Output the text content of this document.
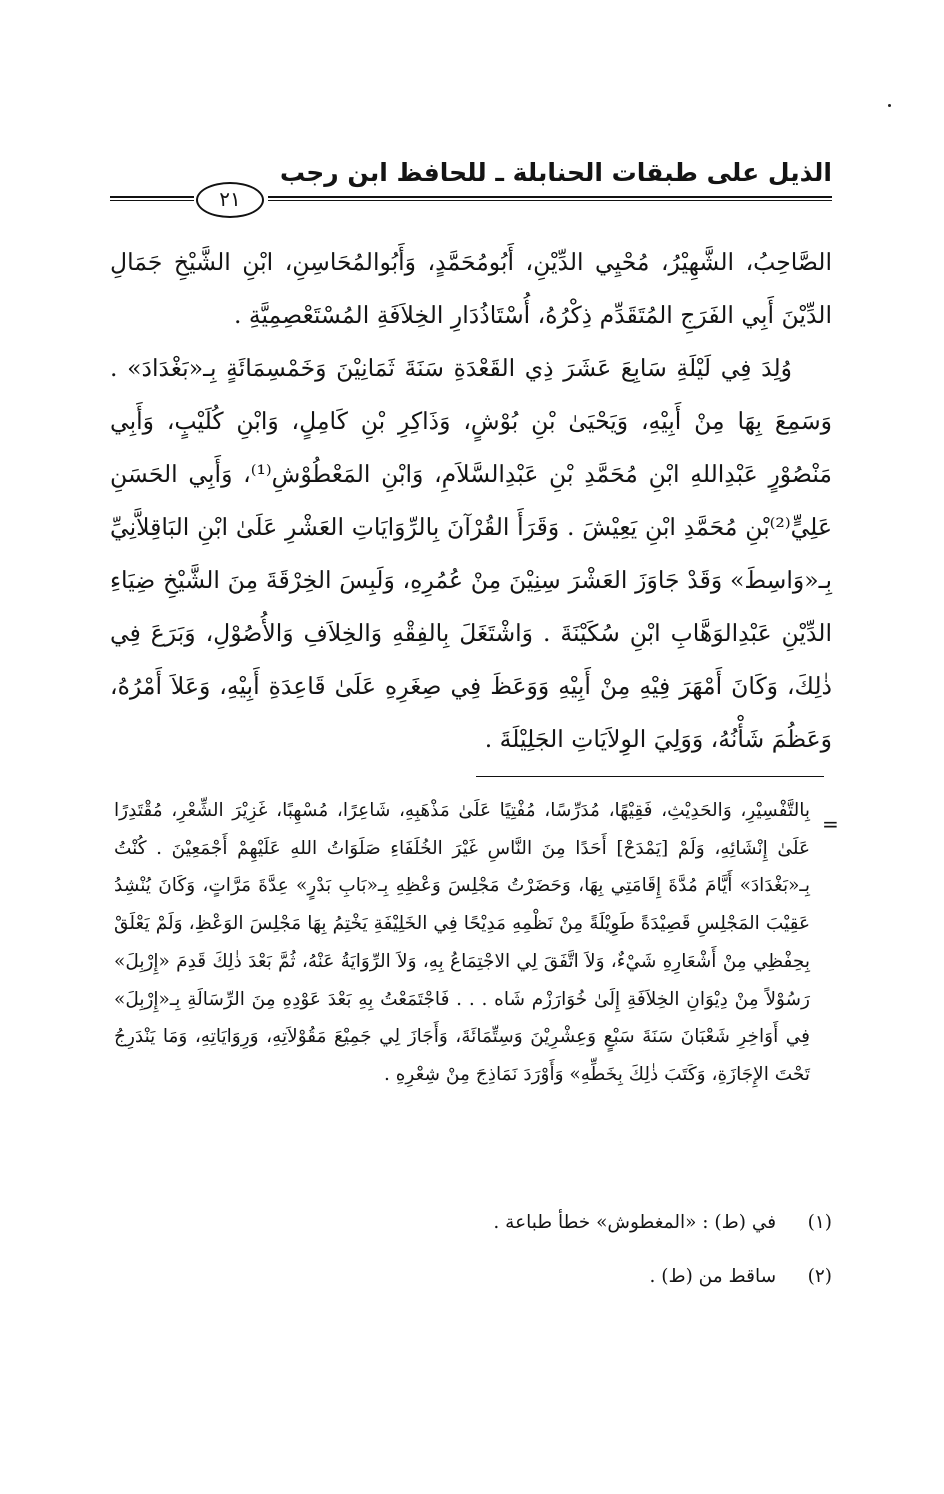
الذيل على طبقات الحنابلة ـ للحافظ ابن رجب
٢١

الصَّاحِبُ، الشَّهِيْرُ، مُحْيِي الدِّيْنِ، أَبُومُحَمَّدٍ، وَأَبُوالمُحَاسِنِ، ابْنِ الشَّيْخِ جَمَالِ الدِّيْنَ أَبِي الفَرَجِ المُتَقَدِّم ذِكْرُهُ، أُسْتَاذُدَارِ الخِلاَفَةِ المُسْتَعْصِمِيَّةِ .

وُلِدَ فِي لَيْلَةِ سَابِعَ عَشَرَ ذِي القَعْدَةِ سَنَةَ ثَمَانِيْنَ وَخَمْسِمَائَةٍ بِـ«بَغْدَادَ» . وَسَمِعَ بِهَا مِنْ أَبِيْهِ، وَيَحْيَىٰ بْنِ بُوْشٍ، وَذَاكِرِ بْنِ كَامِلٍ، وَابْنِ كُلَيْبٍ، وَأَبِي مَنْصُوْرٍ عَبْدِاللهِ ابْنِ مُحَمَّدِ بْنِ عَبْدِالسَّلاَمِ، وَابْنِ المَعْطُوْشِ⁽¹⁾، وَأَبِي الحَسَنِ عَلِيٍّ⁽²⁾بْنِ مُحَمَّدِ ابْنِ يَعِيْشَ . وَقَرَأَ القُرْآنَ بِالرِّوَايَاتِ العَشْرِ عَلَىٰ ابْنِ البَاقِلاَّنِيِّ بِـ«وَاسِطَ» وَقَدْ جَاوَزَ العَشْرَ سِنِيْنَ مِنْ عُمُرِهِ، وَلَبِسَ الخِرْقَةَ مِنَ الشَّيْخِ ضِيَاءِ الدِّيْنِ عَبْدِالوَهَّابِ ابْنِ سُكَيْنَةَ . وَاشْتَغَلَ بِالفِقْهِ وَالخِلاَفِ وَالأُصُوْلِ، وَبَرَعَ فِي ذٰلِكَ، وَكَانَ أَمْهَرَ فِيْهِ مِنْ أَبِيْهِ وَوَعَظَ فِي صِغَرِهِ عَلَىٰ قَاعِدَةِ أَبِيْهِ، وَعَلاَ أَمْرُهُ، وَعَظُمَ شَأْنُهُ، وَوَلِيَ الوِلاَيَاتِ الجَلِيْلَةَ .

=

بِالتَّفْسِيْرِ، وَالحَدِيْثِ، فَقِيْهًا، مُدَرِّسًا، مُفْتِيًا عَلَىٰ مَذْهَبِهِ، شَاعِرًا، مُسْهِبًا، غَزِيْرَ الشِّعْرِ، مُقْتَدِرًا عَلَىٰ إِنْشَائِهِ، وَلَمْ [يَمْدَحْ] أَحَدًا مِنَ النَّاسِ غَيْرَ الخُلَفَاءِ صَلَوَاتُ اللهِ عَلَيْهِمْ أَجْمَعِيْنَ . كُنْتُ بِـ«بَغْدَادَ» أَيَّامَ مُدَّةَ إِقَامَتِي بِهَا، وَحَضَرْتُ مَجْلِسَ وَعْظِهِ بِـ«بَابِ بَدْرٍ» عِدَّةَ مَرَّاتٍ، وَكَانَ يُنْشِدُ عَقِيْبَ المَجْلِسِ قَصِيْدَةً طَوِيْلَةً مِنْ نَظْمِهِ مَدِيْحًا فِي الخَلِيْفَةِ يَخْتِمُ بِهَا مَجْلِسَ الوَعْظِ، وَلَمْ يَعْلَقْ بِحِفْظِي مِنْ أَشْعَارِهِ شَيْءٌ، وَلاَ اتَّفَقَ لِي الاجْتِمَاعُ بِهِ، وَلاَ الرِّوَايَةُ عَنْهُ، ثُمَّ بَعْدَ ذٰلِكَ قَدِمَ «إِرْبِلَ» رَسُوْلاً مِنْ دِيْوَانِ الخِلاَفَةِ إِلَىٰ خُوَارَزْم شَاه . . . فَاجْتَمَعْتُ بِهِ بَعْدَ عَوْدِهِ مِنَ الرِّسَالَةِ بِـ«إِرْبِلَ» فِي أَوَاخِرِ شَعْبَانَ سَنَةَ سَبْعٍ وَعِشْرِيْنَ وَسِتِّمَائَةَ، وَأَجَازَ لِي جَمِيْعَ مَقُوْلاَتِهِ، وَرِوَايَاتِهِ، وَمَا يَنْدَرِجُ تَحْتَ الإِجَازَةِ، وَكَتَبَ ذٰلِكَ بِخَطِّهِ» وَأَوْرَدَ نَمَاذِجَ مِنْ شِعْرِهِ .

(١) في (ط) : «المغطوش» خطأ طباعة .
(٢) ساقط من (ط) .
